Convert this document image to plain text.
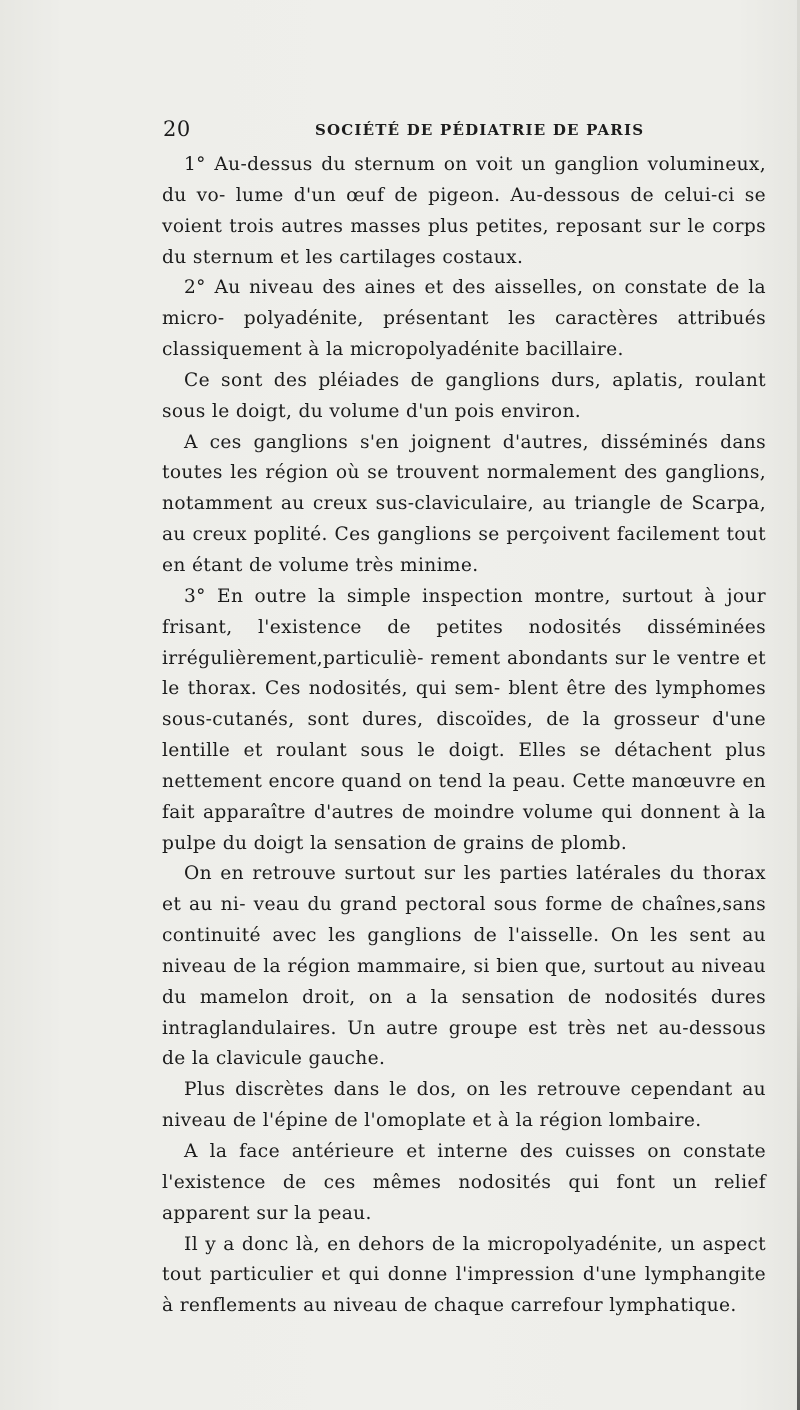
20	SOCIÉTÉ DE PÉDIATRIE DE PARIS

1° Au-dessus du sternum on voit un ganglion volumineux, du vo- lume d'un œuf de pigeon. Au-dessous de celui-ci se voient trois autres masses plus petites, reposant sur le corps du sternum et les cartilages costaux.

2° Au niveau des aines et des aisselles, on constate de la micro- polyadénite, présentant les caractères attribués classiquement à la micropolyadénite bacillaire.

Ce sont des pléiades de ganglions durs, aplatis, roulant sous le doigt, du volume d'un pois environ.

A ces ganglions s'en joignent d'autres, disséminés dans toutes les région où se trouvent normalement des ganglions, notamment au creux sus-claviculaire, au triangle de Scarpa, au creux poplité. Ces ganglions se perçoivent facilement tout en étant de volume très minime.

3° En outre la simple inspection montre, surtout à jour frisant, l'existence de petites nodosités disséminées irrégulièrement,particuliè- rement abondants sur le ventre et le thorax. Ces nodosités, qui sem- blent être des lymphomes sous-cutanés, sont dures, discoïdes, de la grosseur d'une lentille et roulant sous le doigt. Elles se détachent plus nettement encore quand on tend la peau. Cette manœuvre en fait apparaître d'autres de moindre volume qui donnent à la pulpe du doigt la sensation de grains de plomb.

On en retrouve surtout sur les parties latérales du thorax et au ni- veau du grand pectoral sous forme de chaînes,sans continuité avec les ganglions de l'aisselle. On les sent au niveau de la région mammaire, si bien que, surtout au niveau du mamelon droit, on a la sensation de nodosités dures intraglandulaires. Un autre groupe est très net au-dessous de la clavicule gauche.

Plus discrètes dans le dos, on les retrouve cependant au niveau de l'épine de l'omoplate et à la région lombaire.

A la face antérieure et interne des cuisses on constate l'existence de ces mêmes nodosités qui font un relief apparent sur la peau.

Il y a donc là, en dehors de la micropolyadénite, un aspect tout particulier et qui donne l'impression d'une lymphangite à renflements au niveau de chaque carrefour lymphatique.
